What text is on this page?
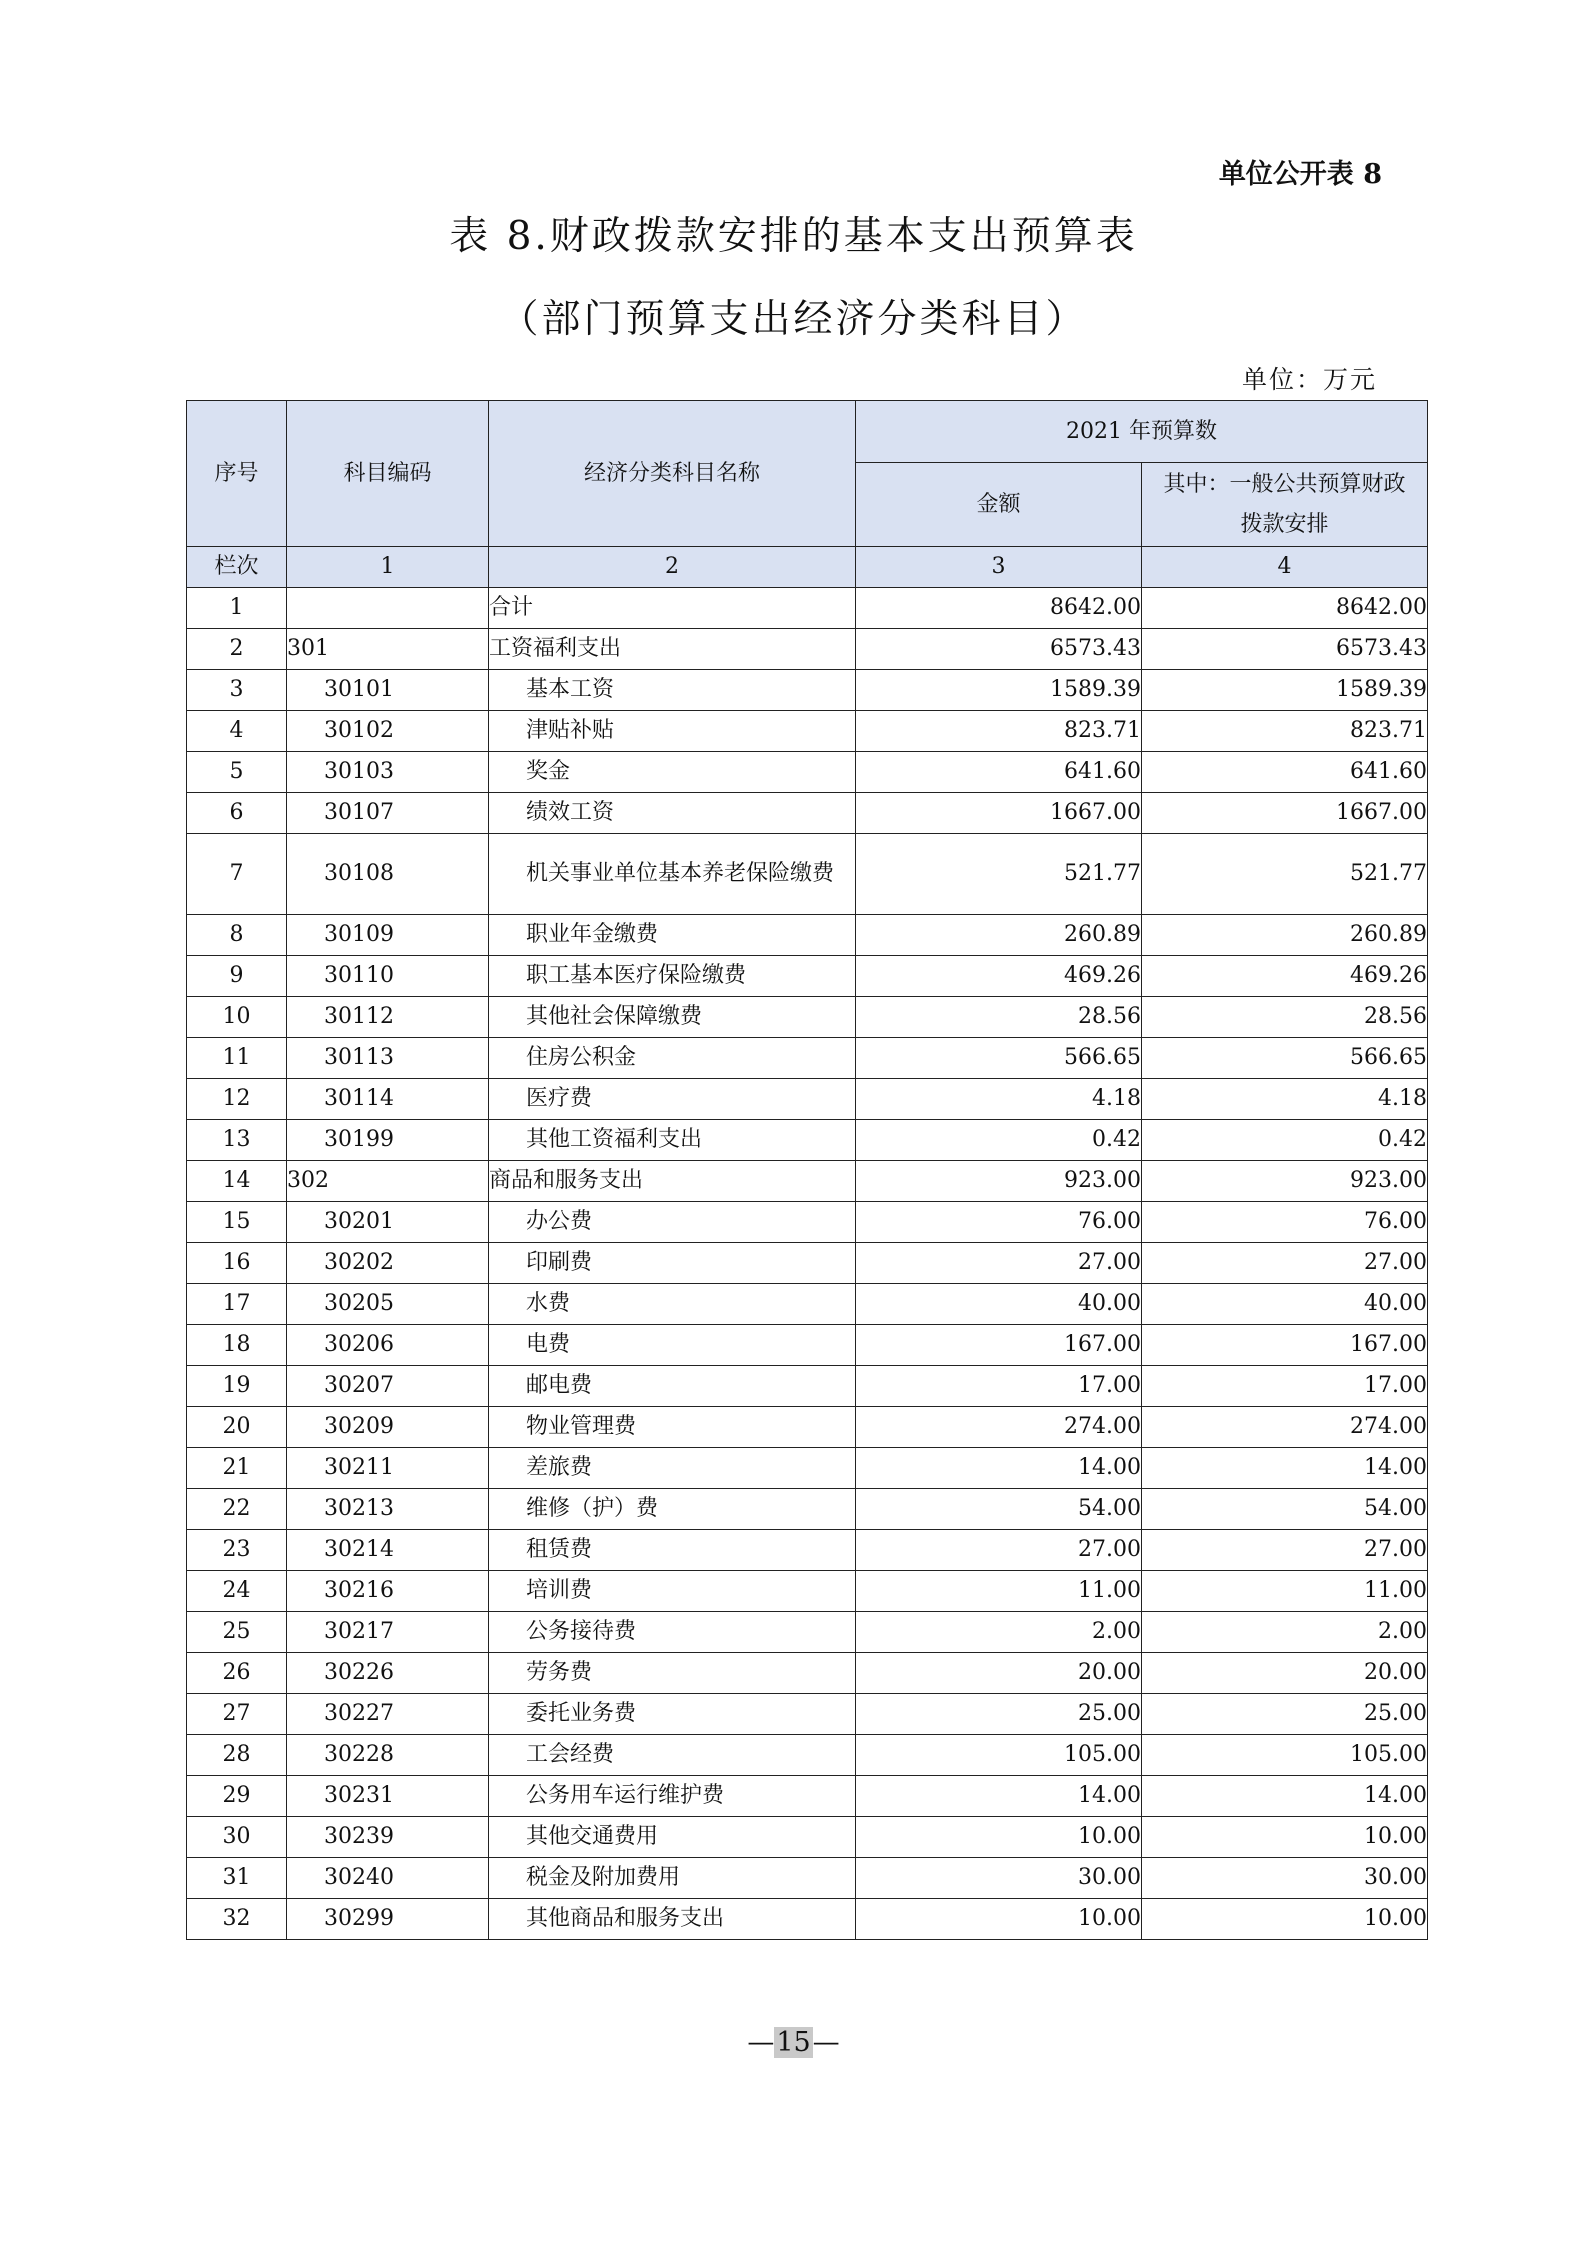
单位公开表 8
表 8.财政拨款安排的基本支出预算表
（部门预算支出经济分类科目）
单位：万元
序号	科目编码	经济分类科目名称	2021 年预算数	
			金额	其中：一般公共预算财政拨款安排
栏次	1	2	3	4
1		合计	8642.00	8642.00
2	301	工资福利支出	6573.43	6573.43
3	30101	基本工资	1589.39	1589.39
4	30102	津贴补贴	823.71	823.71
5	30103	奖金	641.60	641.60
6	30107	绩效工资	1667.00	1667.00
7	30108	机关事业单位基本养老保险缴费	521.77	521.77
8	30109	职业年金缴费	260.89	260.89
9	30110	职工基本医疗保险缴费	469.26	469.26
10	30112	其他社会保障缴费	28.56	28.56
11	30113	住房公积金	566.65	566.65
12	30114	医疗费	4.18	4.18
13	30199	其他工资福利支出	0.42	0.42
14	302	商品和服务支出	923.00	923.00
15	30201	办公费	76.00	76.00
16	30202	印刷费	27.00	27.00
17	30205	水费	40.00	40.00
18	30206	电费	167.00	167.00
19	30207	邮电费	17.00	17.00
20	30209	物业管理费	274.00	274.00
21	30211	差旅费	14.00	14.00
22	30213	维修（护）费	54.00	54.00
23	30214	租赁费	27.00	27.00
24	30216	培训费	11.00	11.00
25	30217	公务接待费	2.00	2.00
26	30226	劳务费	20.00	20.00
27	30227	委托业务费	25.00	25.00
28	30228	工会经费	105.00	105.00
29	30231	公务用车运行维护费	14.00	14.00
30	30239	其他交通费用	10.00	10.00
31	30240	税金及附加费用	30.00	30.00
32	30299	其他商品和服务支出	10.00	10.00
—15—
